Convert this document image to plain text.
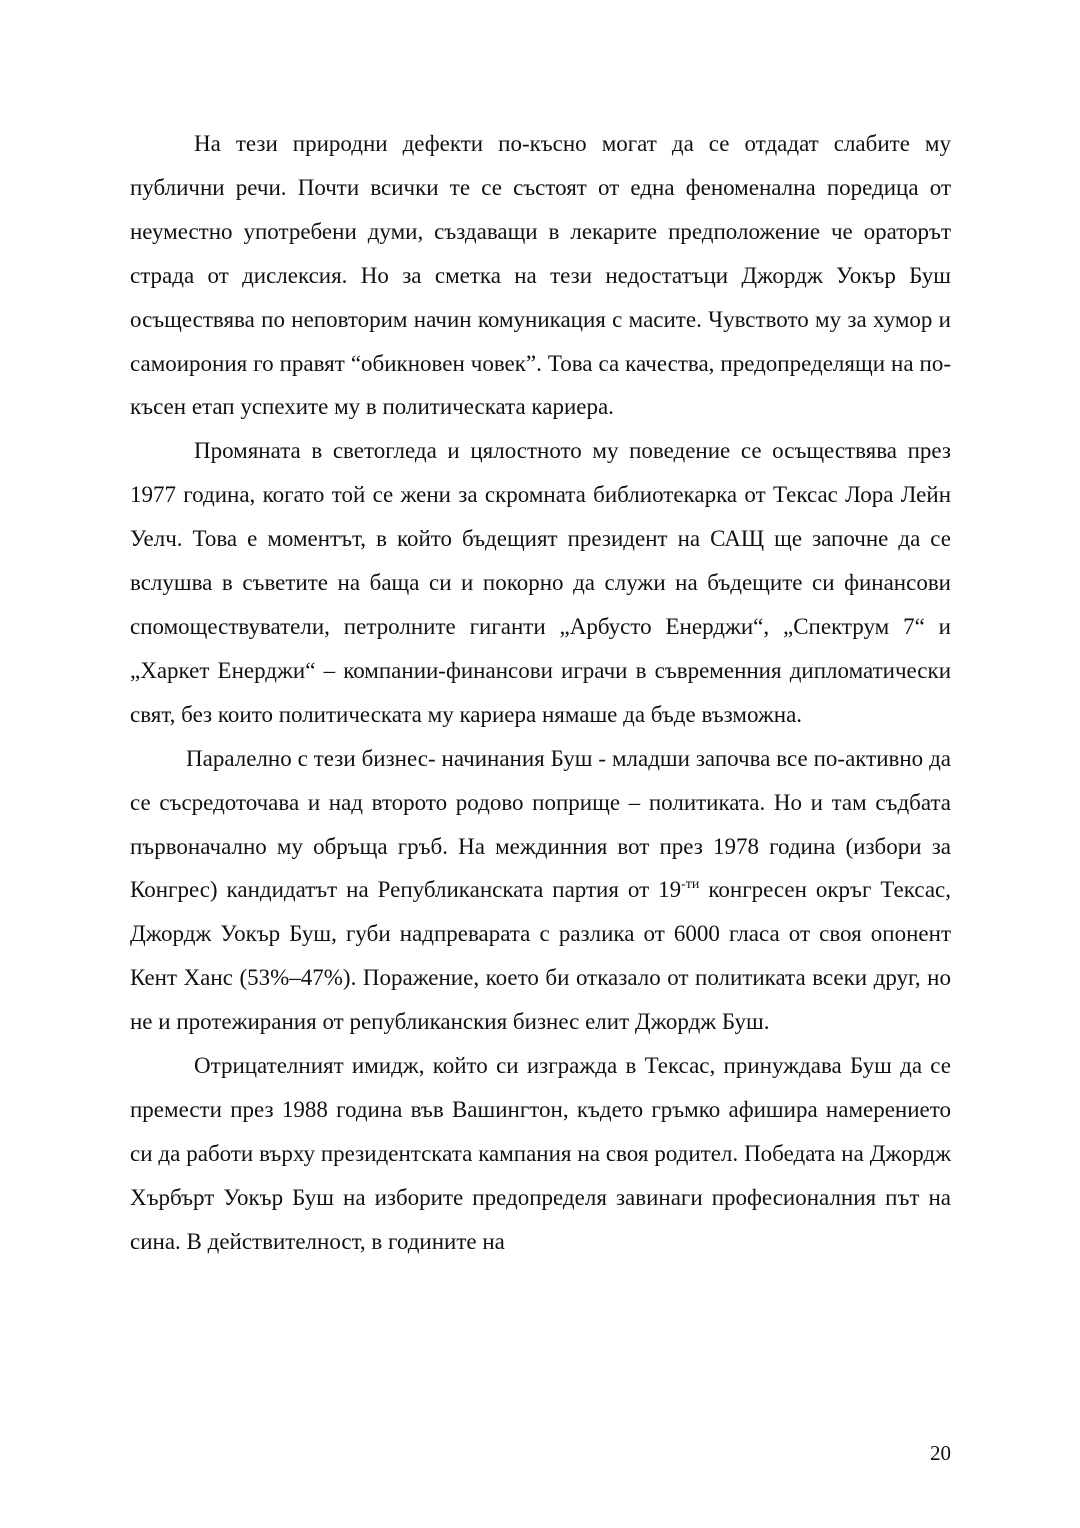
На тези природни дефекти по-късно могат да се отдадат слабите му публични речи. Почти всички те се състоят от една феноменална поредица от неуместно употребени думи, създаващи в лекарите предположение че ораторът страда от дислексия. Но за сметка на тези недостатъци Джордж Уокър Буш осъществява по неповторим начин комуникация с масите. Чувството му за хумор и самоирония го правят “обикновен човек”. Това са качества, предопределящи на по-късен етап успехите му в политическата кариера.

Промяната в светогледа и цялостното му поведение се осъществява през 1977 година, когато той се жени за скромната библиотекарка от Тексас Лора Лейн Уелч. Това е моментът, в който бъдещият президент на САЩ ще започне да се вслушва в съветите на баща си и покорно да служи на бъдещите си финансови спомоществуватели, петролните гиганти „Арбусто Енерджи“, „Спектрум 7“ и „Харкет Енерджи“ – компании-финансови играчи в съвременния дипломатически свят, без които политическата му кариера нямаше да бъде възможна.

Паралелно с тези бизнес- начинания Буш - младши започва все по-активно да се съсредоточава и над второто родово поприще – политиката. Но и там съдбата първоначално му обръща гръб. На междинния вот през 1978 година (избори за Конгрес) кандидатът на Републиканската партия от $19^{-ти}$ конгресен окръг Тексас, Джордж Уокър Буш, губи надпреварата с разлика от 6000 гласа от своя опонент Кент Ханс (53%–47%). Поражение, което би отказало от политиката всеки друг, но не и протежирания от републиканския бизнес елит Джордж Буш.

Отрицателният имидж, който си изгражда в Тексас, принуждава Буш да се премести през 1988 година във Вашингтон, където гръмко афишира намерението си да работи върху президентската кампания на своя родител. Победата на Джордж Хърбърт Уокър Буш на изборите предопределя завинаги професионалния път на сина. В действителност, в годините на

20
